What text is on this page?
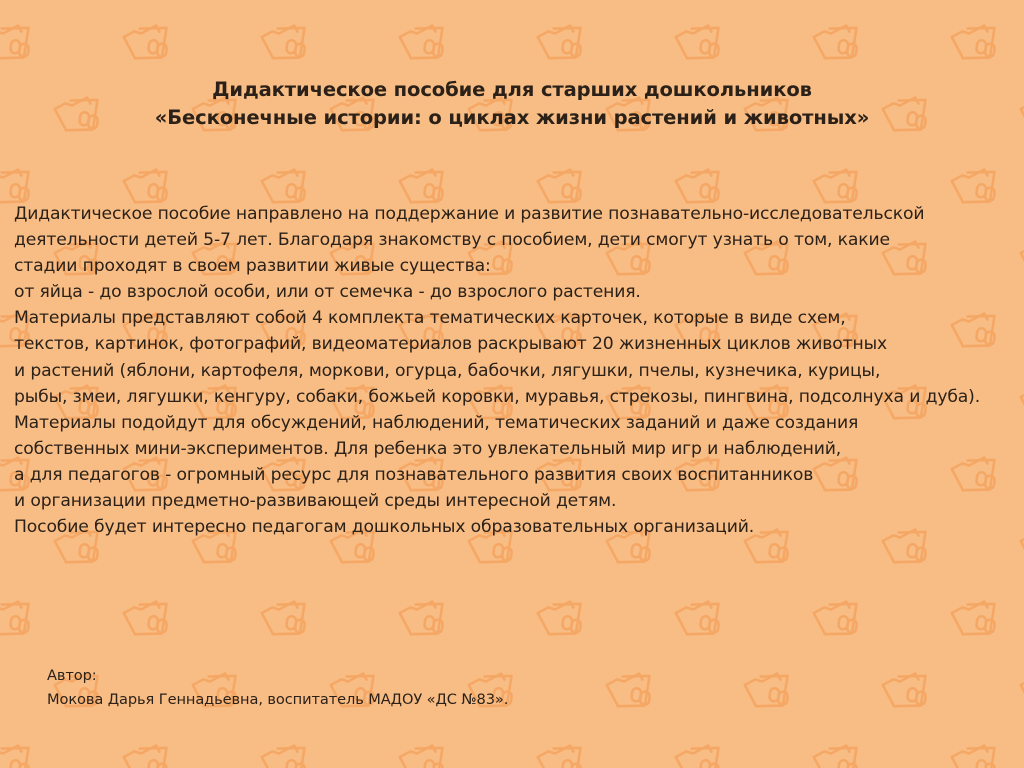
Дидактическое пособие для старших дошкольников
«Бесконечные истории: о циклах жизни растений и животных»
Дидактическое пособие направлено на поддержание и развитие познавательно-исследовательской
деятельности детей 5-7 лет. Благодаря знакомству с пособием, дети смогут узнать о том, какие
стадии проходят в своем развитии живые существа:
от яйца - до взрослой особи, или от семечка - до взрослого растения.
Материалы представляют собой 4 комплекта тематических карточек, которые в виде схем,
текстов, картинок, фотографий, видеоматериалов раскрывают 20 жизненных циклов животных
и растений (яблони, картофеля, моркови, огурца, бабочки, лягушки, пчелы, кузнечика, курицы,
рыбы, змеи, лягушки, кенгуру, собаки, божьей коровки, муравья, стрекозы, пингвина, подсолнуха и дуба).
Материалы подойдут для обсуждений, наблюдений, тематических заданий и даже создания
собственных мини-экспериментов. Для ребенка это увлекательный мир игр и наблюдений,
а для педагогов - огромный ресурс для познавательного развития своих воспитанников
и организации предметно-развивающей среды интересной детям.
Пособие будет интересно педагогам дошкольных образовательных организаций.
Автор:
Мокова Дарья Геннадьевна, воспитатель МАДОУ «ДС №83».
